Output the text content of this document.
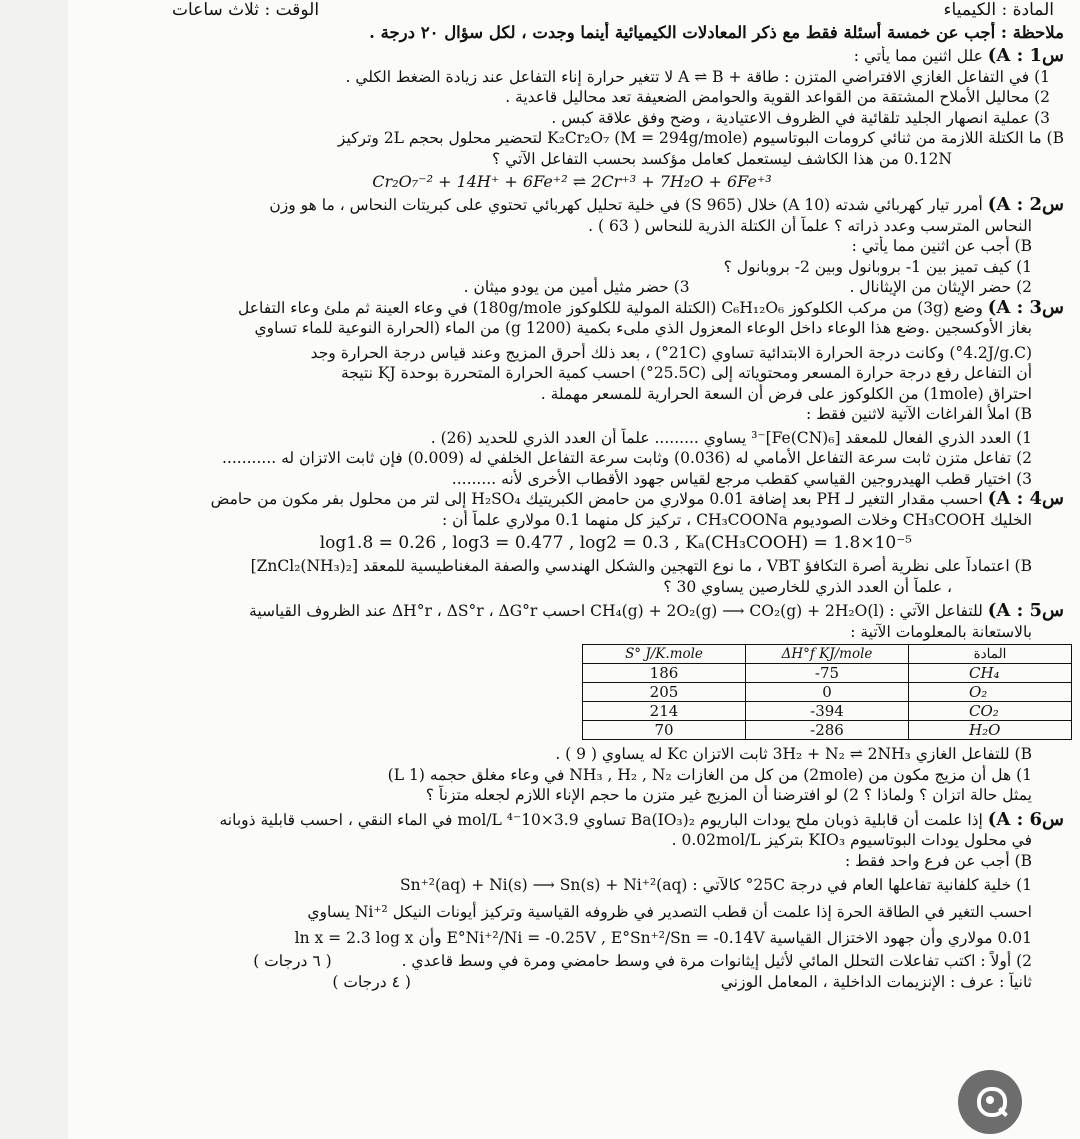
المادة : الكيمياء
الوقت : ثلاث ساعات
ملاحظة : أجب عن خمسة أسئلة فقط مع ذكر المعادلات الكيميائية أينما وجدت ، لكل سؤال ٢٠ درجة .
س1 : A) علل اثنين مما يأتي :
1) في التفاعل الغازي الافتراضي المتزن : طاقة + A ⇌ B لا تتغير حرارة إناء التفاعل عند زيادة الضغط الكلي .
2) محاليل الأملاح المشتقة من القواعد القوية والحوامض الضعيفة تعد محاليل قاعدية .
3) عملية انصهار الجليد تلقائية في الظروف الاعتيادية ، وضح وفق علاقة كبس .
B) ما الكتلة اللازمة من ثنائي كرومات البوتاسيوم K₂Cr₂O₇ (M = 294g/mole) لتحضير محلول بحجم 2L وتركيز
0.12N من هذا الكاشف ليستعمل كعامل مؤكسد بحسب التفاعل الآتي ؟
Cr₂O₇⁻² + 14H⁺ + 6Fe⁺² ⇌ 2Cr⁺³ + 7H₂O + 6Fe⁺³
س2 : A) أمرر تيار كهربائي شدته (10 A) خلال (965 S) في خلية تحليل كهربائي تحتوي على كبريتات النحاس ، ما هو وزن
النحاس المترسب وعدد ذراته ؟ علماً أن الكتلة الذرية للنحاس ( 63 ) .
B) أجب عن اثنين مما يأتي :
1) كيف تميز بين 1- بروبانول وبين 2- بروبانول ؟
2) حضر الإيثان من الإيثانال .  3) حضر مثيل أمين من يودو ميثان .
س3 : A) وضع (3g) من مركب الكلوكوز C₆H₁₂O₆ (الكتلة المولية للكلوكوز 180g/mole) في وعاء العينة ثم ملئ وعاء التفاعل
بغاز الأوكسجين .وضع هذا الوعاء داخل الوعاء المعزول الذي ملىء بكمية (1200 g) من الماء (الحرارة النوعية للماء تساوي
(4.2J/g.C°) وكانت درجة الحرارة الابتدائية تساوي (21C°) ، بعد ذلك أحرق المزيج وعند قياس درجة الحرارة وجد
أن التفاعل رفع درجة حرارة المسعر ومحتوياته إلى (25.5C°) احسب كمية الحرارة المتحررة بوحدة KJ نتيجة
احتراق (1mole) من الكلوكوز على فرض أن السعة الحرارية للمسعر مهملة .
B) املأ الفراغات الآتية لاثنين فقط :
1) العدد الذري الفعال للمعقد [Fe(CN)₆]⁻³ يساوي ......... علماً أن العدد الذري للحديد (26) .
2) تفاعل متزن ثابت سرعة التفاعل الأمامي له (0.036) وثابت سرعة التفاعل الخلفي له (0.009) فإن ثابت الاتزان له ...........
3) اختيار قطب الهيدروجين القياسي كقطب مرجع لقياس جهود الأقطاب الأخرى لأنه .........
س4 : A) احسب مقدار التغير لـ PH بعد إضافة 0.01 مولاري من حامض الكبريتيك H₂SO₄ إلى لتر من محلول بفر مكون من حامض
الخليك CH₃COOH وخلات الصوديوم CH₃COONa ، تركيز كل منهما 0.1 مولاري علماً أن :
log1.8 = 0.26 , log3 = 0.477 , log2 = 0.3 , Kₐ(CH₃COOH) = 1.8×10⁻⁵
B) اعتماداً على نظرية أصرة التكافؤ VBT ، ما نوع التهجين والشكل الهندسي والصفة المغناطيسية للمعقد [ZnCl₂(NH₃)₂]
، علماً أن العدد الذري للخارصين يساوي 30 ؟
س5 : A) للتفاعل الآتي : CH₄(g) + 2O₂(g) ⟶ CO₂(g) + 2H₂O(l) احسب ΔH°r ، ΔS°r ، ΔG°r عند الظروف القياسية
بالاستعانة بالمعلومات الآتية :
S° J/K.mole	ΔH°f KJ/mole	المادة
186	-75	CH₄
205	0	O₂
214	-394	CO₂
70	-286	H₂O
B) للتفاعل الغازي 3H₂ + N₂ ⇌ 2NH₃ ثابت الاتزان Kc له يساوي ( 9 ) .
1) هل أن مزيج مكون من (2mole) من كل من الغازات NH₃ , H₂ , N₂ في وعاء مغلق حجمه (1 L)
يمثل حالة اتزان ؟ ولماذا ؟ 2) لو افترضنا أن المزيج غير متزن ما حجم الإناء اللازم لجعله متزناً ؟
س6 : A) إذا علمت أن قابلية ذوبان ملح يودات الباريوم Ba(IO₃)₂ تساوي 3.9×10⁻⁴ mol/L في الماء النقي ، احسب قابلية ذوبانه
في محلول يودات البوتاسيوم KIO₃ بتركيز 0.02mol/L .
B) أجب عن فرع واحد فقط :
1) خلية كلفانية تفاعلها العام في درجة 25C° كالآتي : Sn⁺²(aq) + Ni(s) ⟶ Sn(s) + Ni⁺²(aq)
احسب التغير في الطاقة الحرة إذا علمت أن قطب التصدير في ظروفه القياسية وتركيز أيونات النيكل Ni⁺² يساوي
0.01 مولاري وأن جهود الاختزال القياسية E°Ni⁺²/Ni = -0.25V , E°Sn⁺²/Sn = -0.14V وأن ln x = 2.3 log x
2) أولاً : اكتب تفاعلات التحلل المائي لأثيل إيثانوات مرة في وسط حامضي ومرة في وسط قاعدي .  ( ٦ درجات )
ثانياً : عرف : الإنزيمات الداخلية ، المعامل الوزني  ( ٤ درجات )
